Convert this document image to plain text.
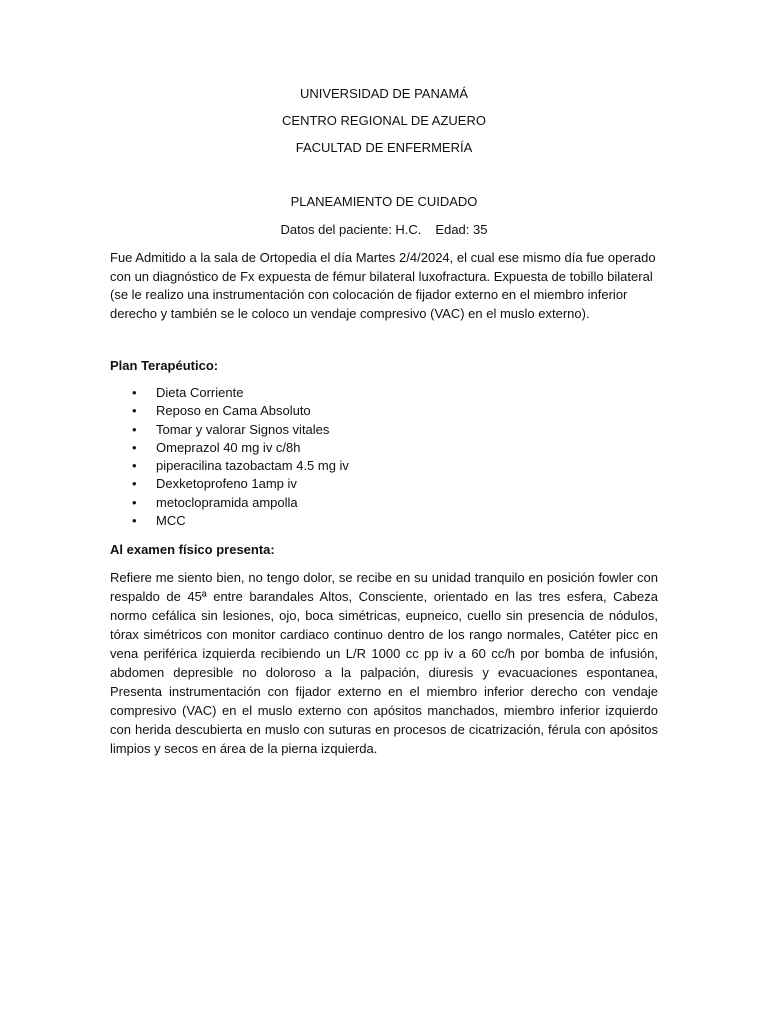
UNIVERSIDAD DE PANAMÁ
CENTRO REGIONAL DE AZUERO
FACULTAD DE ENFERMERÍA
PLANEAMIENTO DE CUIDADO
Datos del paciente: H.C. Edad: 35
Fue Admitido a la sala de Ortopedia el día Martes 2/4/2024, el cual ese mismo día fue operado con un diagnóstico de Fx expuesta de fémur bilateral luxofractura. Expuesta de tobillo bilateral (se le realizo una instrumentación con colocación de fijador externo en el miembro inferior derecho y también se le coloco un vendaje compresivo (VAC) en el muslo externo).
Plan Terapéutico:
• Dieta Corriente
• Reposo en Cama Absoluto
• Tomar y valorar Signos vitales
• Omeprazol 40 mg iv c/8h
• piperacilina tazobactam 4.5 mg iv
• Dexketoprofeno 1amp iv
• metoclopramida ampolla
• MCC
Al examen físico presenta:
Refiere me siento bien, no tengo dolor, se recibe en su unidad tranquilo en posición fowler con respaldo de 45ª entre barandales Altos, Consciente, orientado en las tres esfera, Cabeza normo cefálica sin lesiones, ojo, boca simétricas, eupneico, cuello sin presencia de nódulos, tórax simétricos con monitor cardiaco continuo dentro de los rango normales, Catéter picc en vena periférica izquierda recibiendo un L/R 1000 cc pp iv a 60 cc/h por bomba de infusión, abdomen depresible no doloroso a la palpación, diuresis y evacuaciones espontanea, Presenta instrumentación con fijador externo en el miembro inferior derecho con vendaje compresivo (VAC) en el muslo externo con apósitos manchados, miembro inferior izquierdo con herida descubierta en muslo con suturas en procesos de cicatrización, férula con apósitos limpios y secos en área de la pierna izquierda.
